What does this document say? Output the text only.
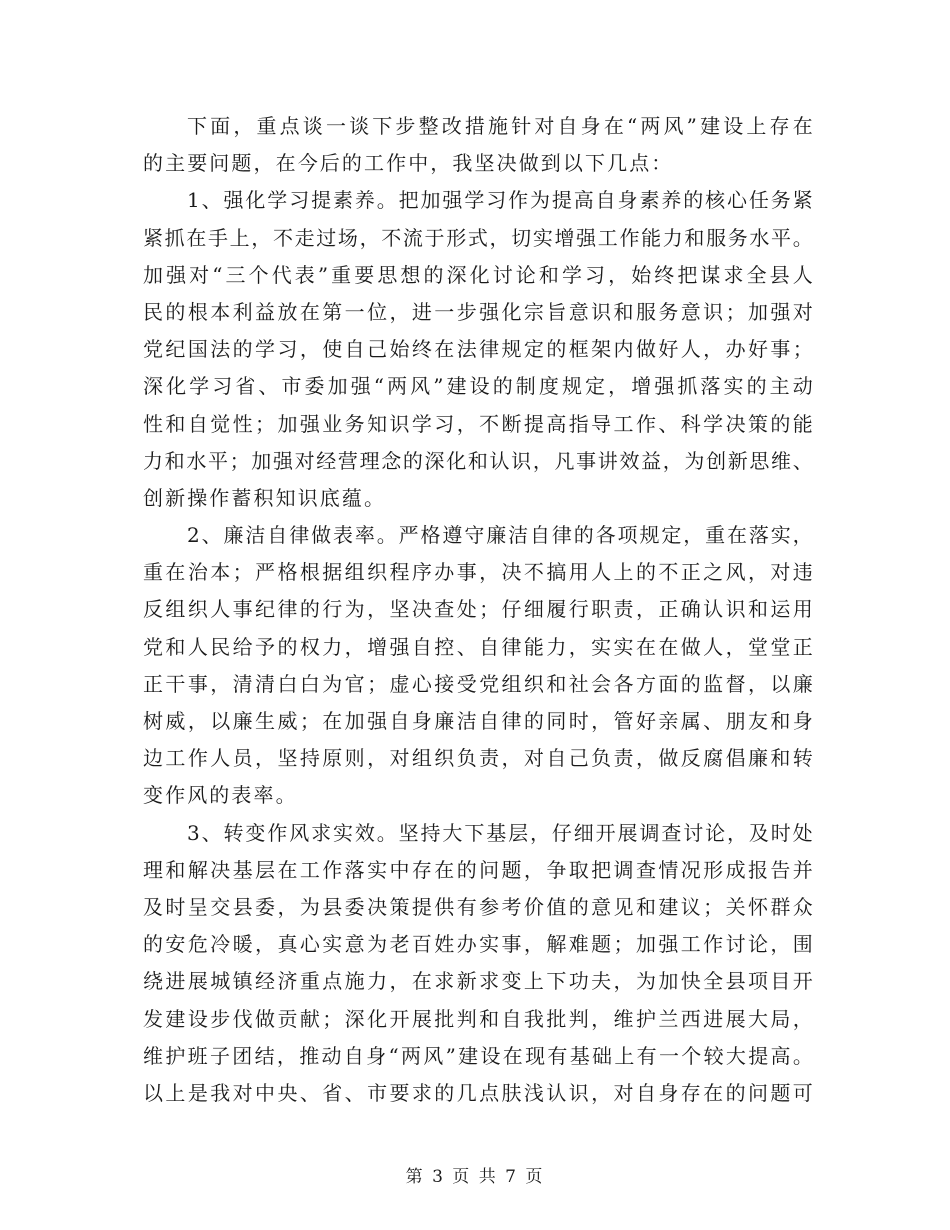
下 面 ， 重 点 谈 一 谈 下 步 整 改 措 施 针 对 自 身 在 “ 两 风 ” 建 设 上 存 在
的主要问题，在今后的工作中，我坚决做到以下几点：
1 、 强 化 学 习 提 素 养 。 把 加 强 学 习 作 为 提 高 自 身 素 养 的 核 心 任 务 紧
紧 抓 在 手 上 ， 不 走 过 场 ， 不 流 于 形 式 ， 切 实 增 强 工 作 能 力 和 服 务 水 平 。
加 强 对 “ 三 个 代 表 ” 重 要 思 想 的 深 化 讨 论 和 学 习 ， 始 终 把 谋 求 全 县 人
民 的 根 本 利 益 放 在 第 一 位 ， 进 一 步 强 化 宗 旨 意 识 和 服 务 意 识 ； 加 强 对
党 纪 国 法 的 学 习 ， 使 自 己 始 终 在 法 律 规 定 的 框 架 内 做 好 人 ， 办 好 事 ；
深 化 学 习 省 、 市 委 加 强 “ 两 风 ” 建 设 的 制 度 规 定 ， 增 强 抓 落 实 的 主 动
性 和 自 觉 性 ； 加 强 业 务 知 识 学 习 ， 不 断 提 高 指 导 工 作 、 科 学 决 策 的 能
力 和 水 平 ； 加 强 对 经 营 理 念 的 深 化 和 认 识 ， 凡 事 讲 效 益 ， 为 创 新 思 维 、
创新操作蓄积知识底蕴。
2 、 廉 洁 自 律 做 表 率 。 严 格 遵 守 廉 洁 自 律 的 各 项 规 定 ， 重 在 落 实 ，
重 在 治 本 ； 严 格 根 据 组 织 程 序 办 事 ， 决 不 搞 用 人 上 的 不 正 之 风 ， 对 违
反 组 织 人 事 纪 律 的 行 为 ， 坚 决 查 处 ； 仔 细 履 行 职 责 ， 正 确 认 识 和 运 用
党 和 人 民 给 予 的 权 力 ， 增 强 自 控 、 自 律 能 力 ， 实 实 在 在 做 人 ， 堂 堂 正
正 干 事 ， 清 清 白 白 为 官 ； 虚 心 接 受 党 组 织 和 社 会 各 方 面 的 监 督 ， 以 廉
树 威 ， 以 廉 生 威 ； 在 加 强 自 身 廉 洁 自 律 的 同 时 ， 管 好 亲 属 、 朋 友 和 身
边 工 作 人 员 ， 坚 持 原 则 ， 对 组 织 负 责 ， 对 自 己 负 责 ， 做 反 腐 倡 廉 和 转
变作风的表率。
3 、 转 变 作 风 求 实 效 。 坚 持 大 下 基 层 ， 仔 细 开 展 调 查 讨 论 ， 及 时 处
理 和 解 决 基 层 在 工 作 落 实 中 存 在 的 问 题 ， 争 取 把 调 查 情 况 形 成 报 告 并
及 时 呈 交 县 委 ， 为 县 委 决 策 提 供 有 参 考 价 值 的 意 见 和 建 议 ； 关 怀 群 众
的 安 危 冷 暖 ， 真 心 实 意 为 老 百 姓 办 实 事 ， 解 难 题 ； 加 强 工 作 讨 论 ， 围
绕 进 展 城 镇 经 济 重 点 施 力 ， 在 求 新 求 变 上 下 功 夫 ， 为 加 快 全 县 项 目 开
发 建 设 步 伐 做 贡 献 ； 深 化 开 展 批 判 和 自 我 批 判 ， 维 护 兰 西 进 展 大 局 ，
维 护 班 子 团 结 ， 推 动 自 身 “ 两 风 ” 建 设 在 现 有 基 础 上 有 一 个 较 大 提 高 。
以 上 是 我 对 中 央 、 省 、 市 要 求 的 几 点 肤 浅 认 识 ， 对 自 身 存 在 的 问 题 可
第 3 页 共 7 页
